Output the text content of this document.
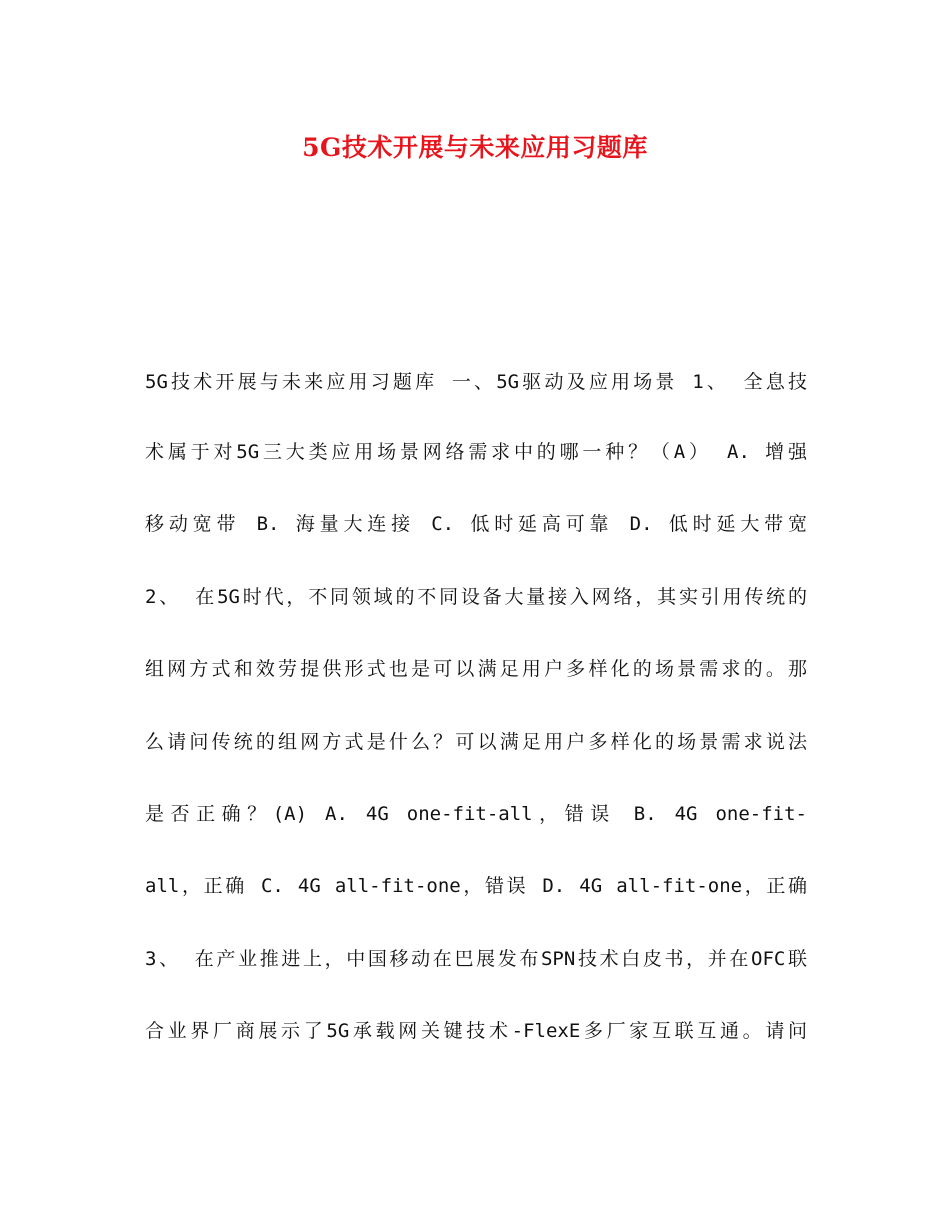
5G技术开展与未来应用习题库
5G技术开展与未来应用习题库 一、5G驱动及应用场景 1、 全息技
术属于对5G三大类应用场景网络需求中的哪一种？（A） A. 增强
移动宽带 B. 海量大连接 C. 低时延高可靠 D. 低时延大带宽
2、 在5G时代，不同领域的不同设备大量接入网络，其实引用传统的
组网方式和效劳提供形式也是可以满足用户多样化的场景需求的。那
么请问传统的组网方式是什么？可以满足用户多样化的场景需求说法
是否正确？(A) A. 4G one-fit-all，错误 B. 4G one-fit-
all，正确 C. 4G all-fit-one，错误 D. 4G all-fit-one，正确
3、 在产业推进上，中国移动在巴展发布SPN技术白皮书，并在OFC联
合业界厂商展示了5G承载网关键技术-FlexE多厂家互联互通。请问
